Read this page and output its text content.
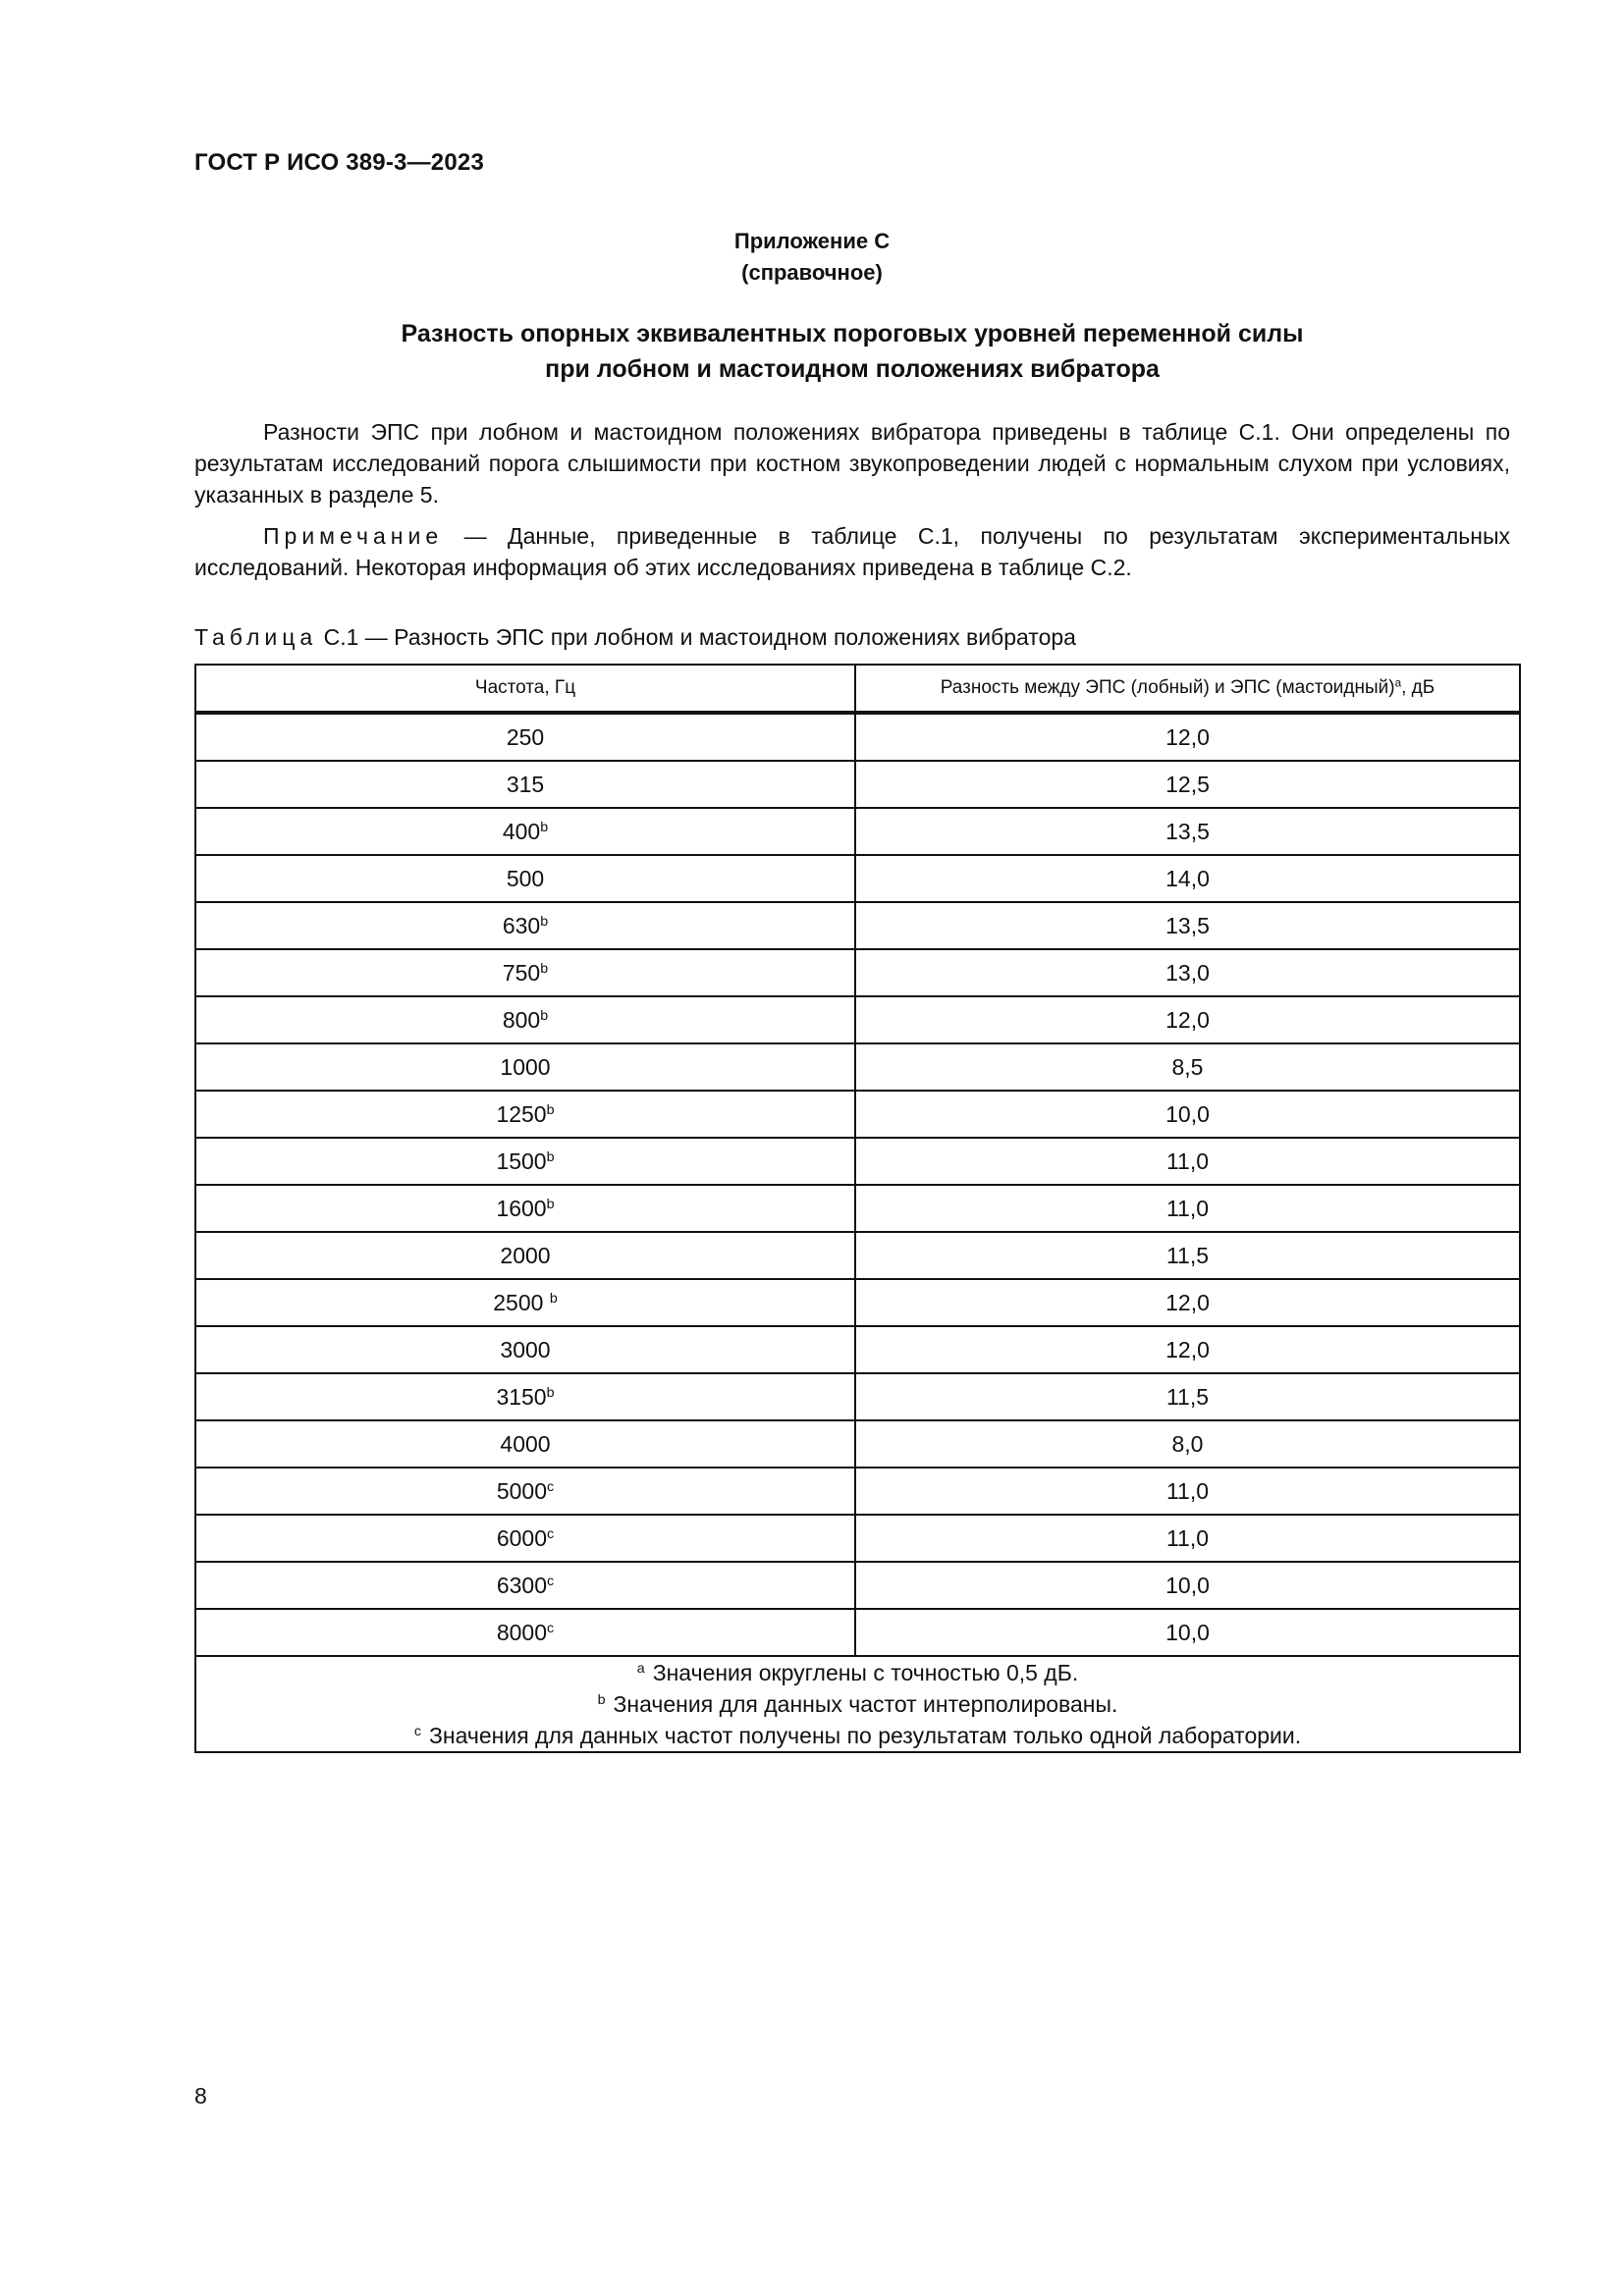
ГОСТ Р ИСО 389-3—2023
Приложение С
(справочное)
Разность опорных эквивалентных пороговых уровней переменной силы
при лобном и мастоидном положениях вибратора

Разности ЭПС при лобном и мастоидном положениях вибратора приведены в таблице С.1. Они определены по результатам исследований порога слышимости при костном звукопроведении людей с нормальным слухом при условиях, указанных в разделе 5.

Примечание — Данные, приведенные в таблице С.1, получены по результатам экспериментальных исследований. Некоторая информация об этих исследованиях приведена в таблице С.2.

Таблица С.1 — Разность ЭПС при лобном и мастоидном положениях вибратора
Частота, Гц	Разность между ЭПС (лобный) и ЭПС (мастоидный)$^a$, дБ
250	12,0
315	12,5
400$^b$	13,5
500	14,0
630$^b$	13,5
750$^b$	13,0
800$^b$	12,0
1000	8,5
1250$^b$	10,0
1500$^b$	11,0
1600$^b$	11,0
2000	11,5
2500 $^b$	12,0
3000	12,0
3150$^b$	11,5
4000	8,0
5000$^c$	11,0
6000$^c$	11,0
6300$^c$	10,0
8000$^c$	10,0

$^a$ Значения округлены с точностью 0,5 дБ.
$^b$ Значения для данных частот интерполированы.
$^c$ Значения для данных частот получены по результатам только одной лаборатории.	
8
